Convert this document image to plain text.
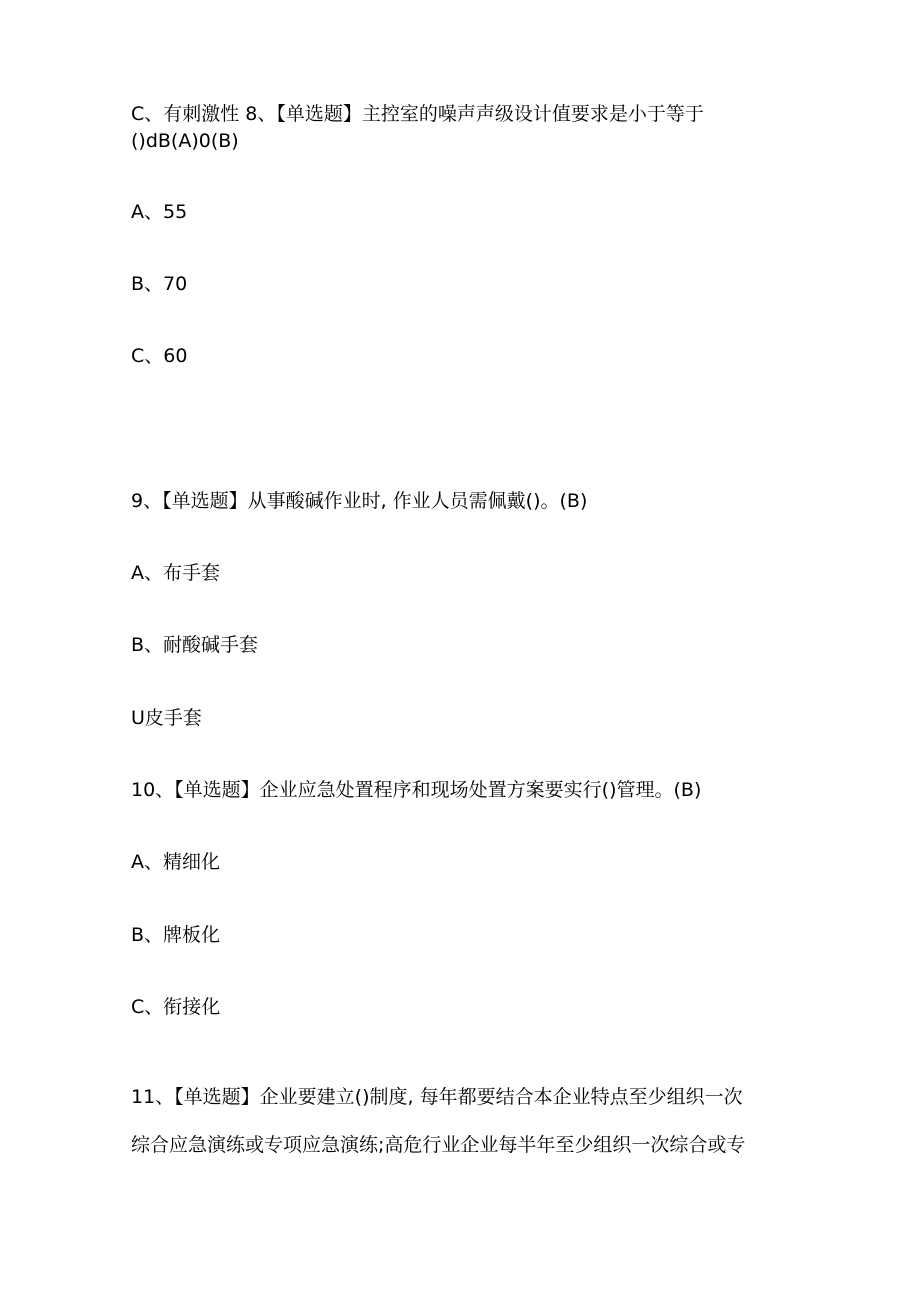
C、有刺激性 8、【单选题】主控室的噪声声级设计值要求是小于等于
()dB(A)0(B)
A、55
B、70
C、60
9、【单选题】从事酸碱作业时, 作业人员需佩戴()。(B)
A、布手套
B、耐酸碱手套
U皮手套
10、【单选题】企业应急处置程序和现场处置方案要实行()管理。(B)
A、精细化
B、牌板化
C、衔接化
11、【单选题】企业要建立()制度, 每年都要结合本企业特点至少组织一次
综合应急演练或专项应急演练;高危行业企业每半年至少组织一次综合或专
